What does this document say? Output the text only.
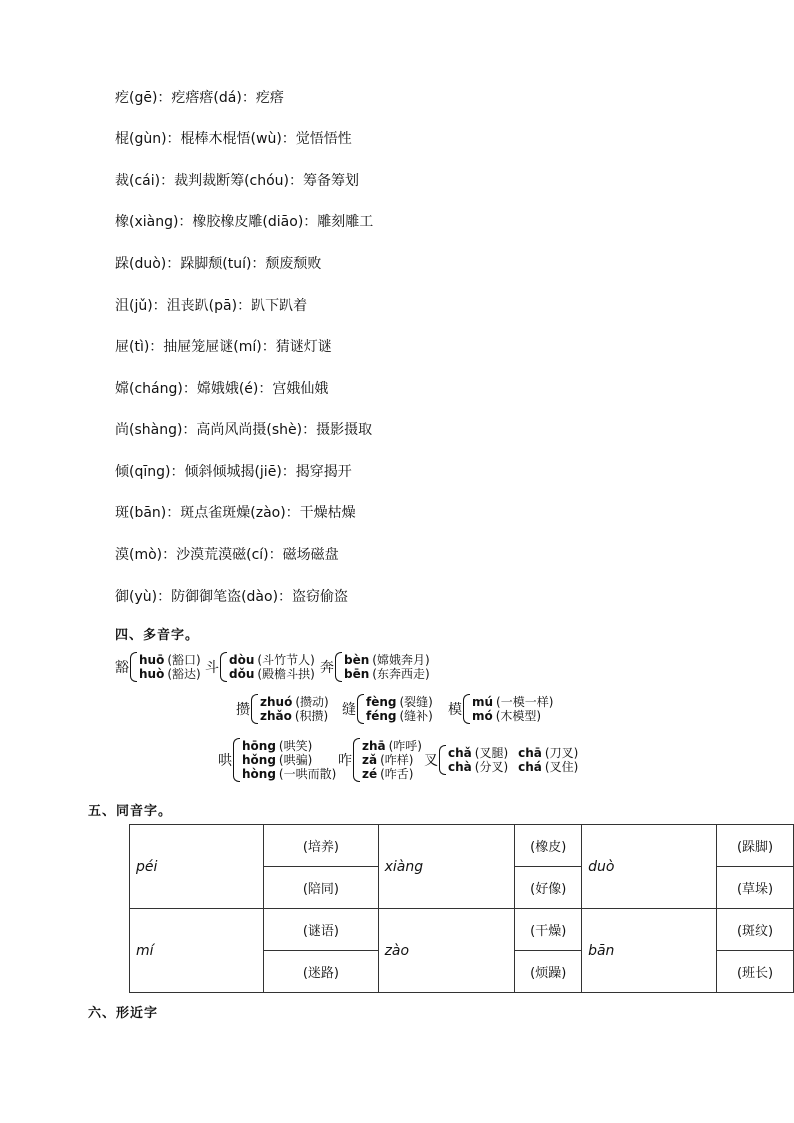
疙(gē)：疙瘩瘩(dá)：疙瘩
棍(gùn)：棍棒木棍悟(wù)：觉悟悟性
裁(cái)：裁判裁断筹(chóu)：筹备筹划
橡(xiàng)：橡胶橡皮雕(diāo)：雕刻雕工
跺(duò)：跺脚颓(tuí)：颓废颓败
沮(jǔ)：沮丧趴(pā)：趴下趴着
屉(tì)：抽屉笼屉谜(mí)：猜谜灯谜
嫦(cháng)：嫦娥娥(é)：宫娥仙娥
尚(shàng)：高尚风尚摄(shè)：摄影摄取
倾(qīng)：倾斜倾城揭(jiē)：揭穿揭开
斑(bān)：斑点雀斑燥(zào)：干燥枯燥
漠(mò)：沙漠荒漠磁(cí)：磁场磁盘
御(yù)：防御御笔盗(dào)：盗窃偷盗
四、多音字。
豁 huō (豁口)
huò (豁达) 斗 dòu (斗竹节人)
dǒu (殿檐斗拱) 奔 bèn (嫦娥奔月)
bēn (东奔西走)
攒 zhuó (攒动)
zhǎo (积攒) 缝 fèng (裂缝)
féng (缝补) 模 mú (一模一样)
mó (木模型)
哄
hōng (哄笑)
hǒng (哄骗)
hòng (一哄而散)
咋
zhā (咋呼)
zǎ (咋样)
zé (咋舌)
叉 chǎ (叉腿)
chà (分叉)
chā (刀叉)
chá (叉住)
五、同音字。
péi	(培养)	xiàng	(橡皮)	duò	(跺脚)
	(陪同)		(好像)		(草垛)
mí	(谜语)	zào	(干燥)	bān	(斑纹)
	(迷路)		(烦躁)		(班长)
六、形近字
